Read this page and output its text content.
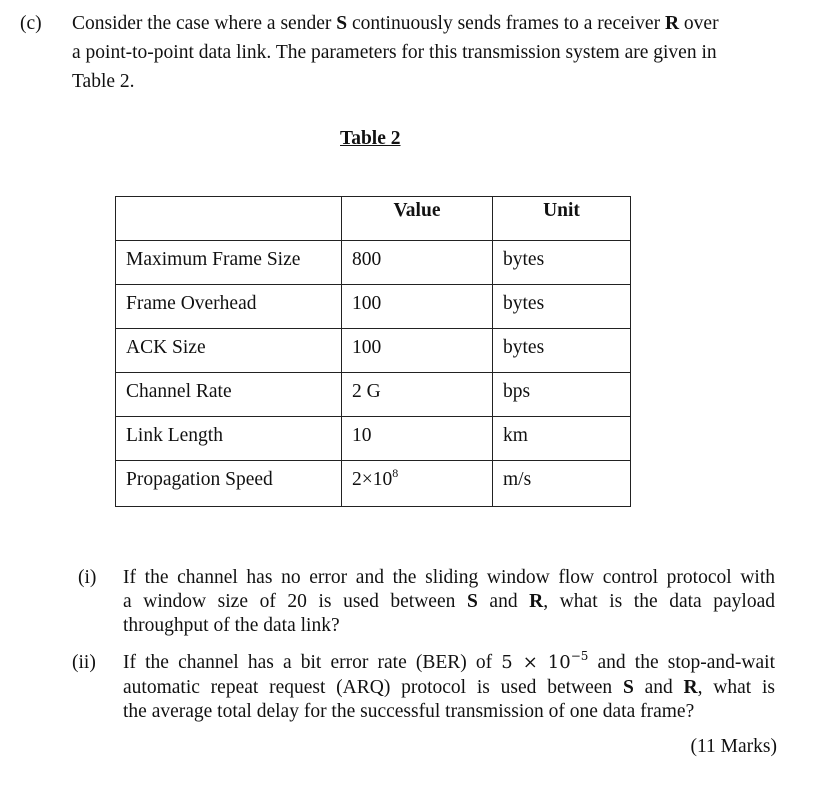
(c) Consider the case where a sender S continuously sends frames to a receiver R over
a point-to-point data link. The parameters for this transmission system are given in
Table 2.
Table 2
	Value	Unit
Maximum Frame Size	800	bytes
Frame Overhead	100	bytes
ACK Size	100	bytes
Channel Rate	2 G	bps
Link Length	10	km
Propagation Speed	$2\times 10^8$	m/s
(i) If the channel has no error and the sliding window flow control protocol with
a window size of 20 is used between S and R, what is the data payload
throughput of the data link?
(ii) If the channel has a bit error rate (BER) of $5 \times 10^{-5}$ and the stop-and-wait
automatic repeat request (ARQ) protocol is used between S and R, what is
the average total delay for the successful transmission of one data frame?
(11 Marks)
